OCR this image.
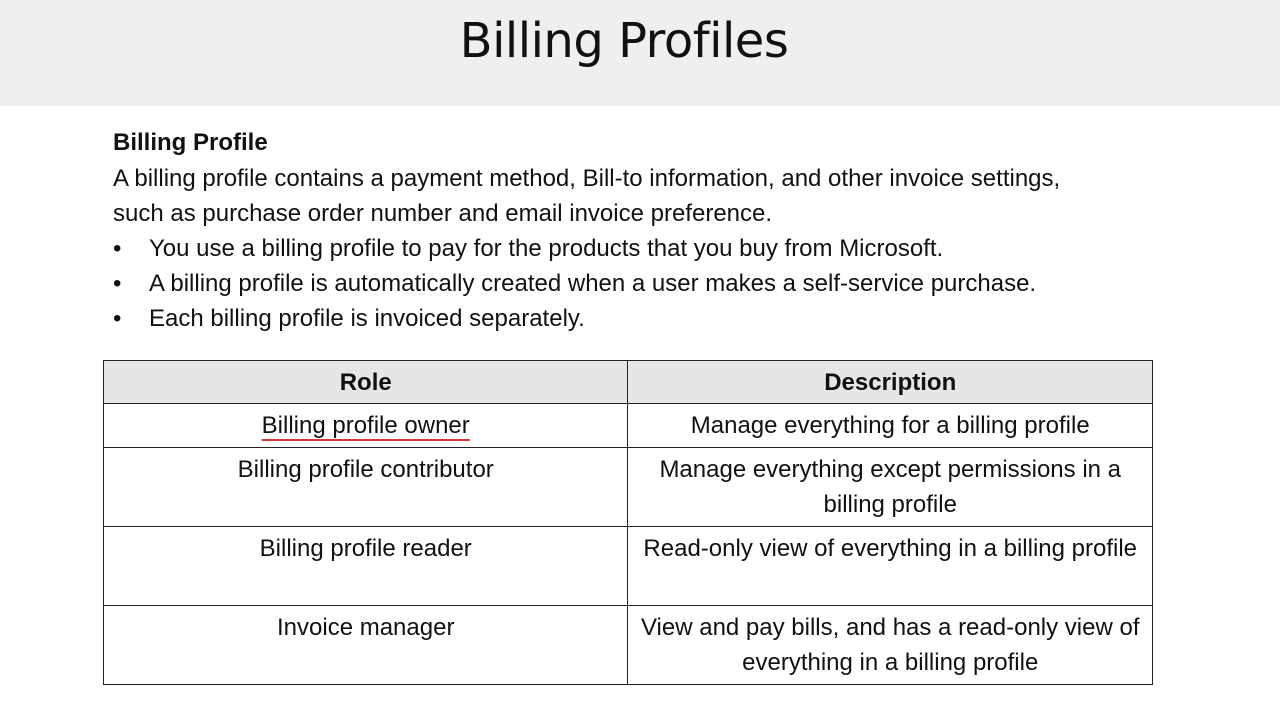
Billing Profiles

Billing Profile

A billing profile contains a payment method, Bill-to information, and other invoice settings, such as purchase order number and email invoice preference.

•	You use a billing profile to pay for the products that you buy from Microsoft.
•	A billing profile is automatically created when a user makes a self-service purchase.
•	Each billing profile is invoiced separately.
Role	Description
Billing profile owner	Manage everything for a billing profile
Billing profile contributor	Manage everything except permissions in a billing profile
Billing profile reader	Read-only view of everything in a billing profile
Invoice manager	View and pay bills, and has a read-only view of everything in a billing profile
